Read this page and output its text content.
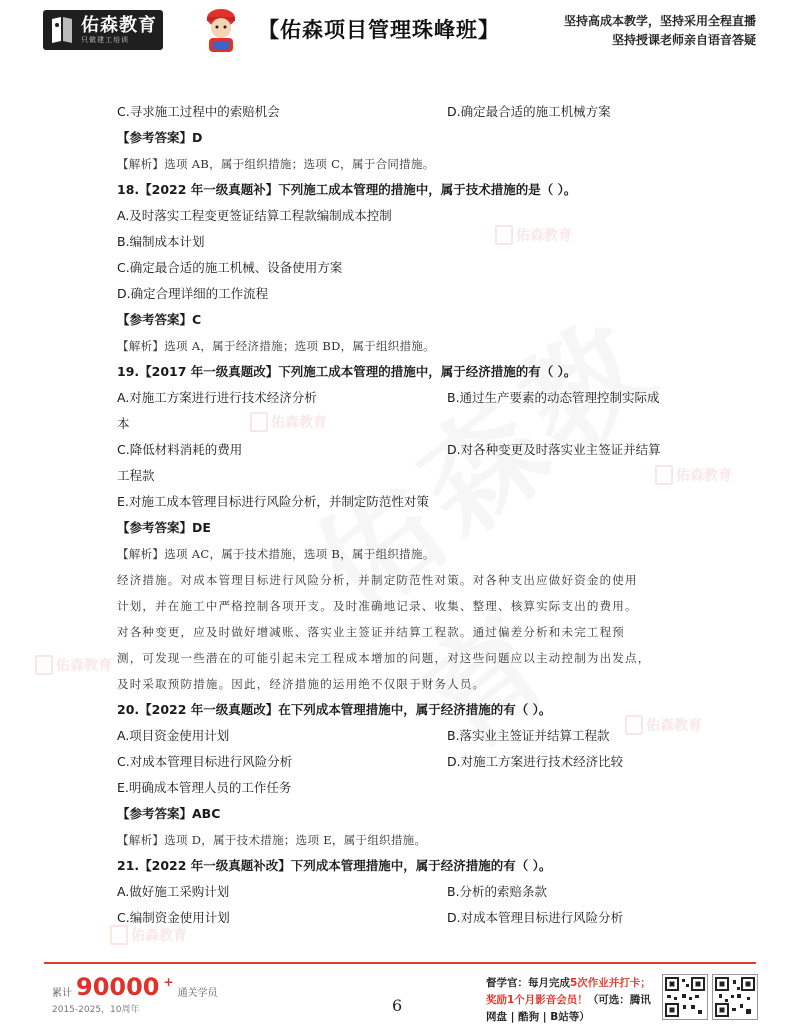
佑森教育
只做建工培训	【佑森项目管理珠峰班】	坚持高成本教学，坚持采用全程直播
坚持授课老师亲自语音答疑
佑森教育
佑森教育
佑森教育
佑森教育
佑森教育
佑森教育
C.寻求施工过程中的索赔机会	D.确定最合适的施工机械方案
【参考答案】D
【解析】选项 AB，属于组织措施；选项 C，属于合同措施。
18.【2022 年一级真题补】下列施工成本管理的措施中，属于技术措施的是（ ）。
A.及时落实工程变更签证结算工程款编制成本控制
B.编制成本计划
C.确定最合适的施工机械、设备使用方案
D.确定合理详细的工作流程
【参考答案】C
【解析】选项 A，属于经济措施；选项 BD，属于组织措施。
19.【2017 年一级真题改】下列施工成本管理的措施中，属于经济措施的有（ ）。
A.对施工方案进行进行技术经济分析	B.通过生产要素的动态管理控制实际成
本
C.降低材料消耗的费用	D.对各种变更及时落实业主签证并结算
工程款
E.对施工成本管理目标进行风险分析，并制定防范性对策
【参考答案】DE
【解析】选项 AC，属于技术措施，选项 B，属于组织措施。
经济措施。对成本管理目标进行风险分析，并制定防范性对策。对各种支出应做好资金的使用
计划，并在施工中严格控制各项开支。及时准确地记录、收集、整理、核算实际支出的费用。
对各种变更，应及时做好增减账、落实业主签证并结算工程款。通过偏差分析和未完工程预
测，可发现一些潜在的可能引起未完工程成本增加的问题，对这些问题应以主动控制为出发点，
及时采取预防措施。因此，经济措施的运用绝不仅限于财务人员。
20.【2022 年一级真题改】在下列成本管理措施中，属于经济措施的有（ ）。
A.项目资金使用计划	B.落实业主签证并结算工程款
C.对成本管理目标进行风险分析	D.对施工方案进行技术经济比较
E.明确成本管理人员的工作任务
【参考答案】ABC
【解析】选项 D，属于技术措施；选项 E，属于组织措施。
21.【2022 年一级真题补改】下列成本管理措施中，属于经济措施的有（ ）。
A.做好施工采购计划	B.分析的索赔条款
C.编制资金使用计划	D.对成本管理目标进行风险分析
累计 90000 +
通关学员
2015-2025，10周年	6
督学官：每月完成5次作业并打卡；
奖励1个月影音会员！（可选：腾讯
网盘 | 酷狗 | B站等）
